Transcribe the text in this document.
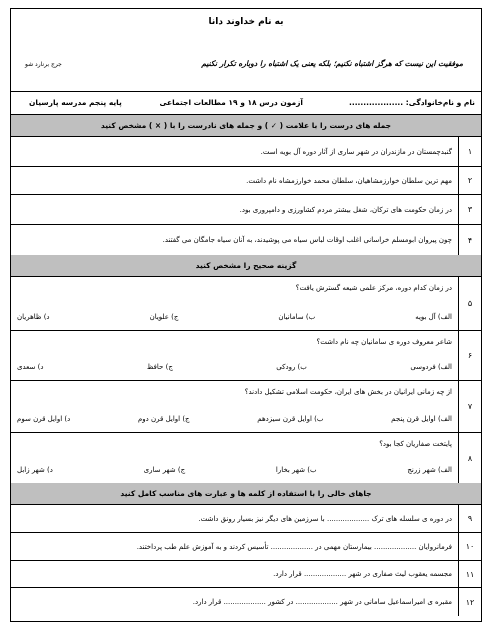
به نام خداوند دانا
موفقیت این نیست که هرگز اشتباه نکنیم؛ بلکه یعنی یک اشتباه را دوباره تکرار نکنیم
جرج برنارد شو
نام و نام‌خانوادگی: ...................
آزمون درس ۱۸ و ۱۹ مطالعات اجتماعی
پایه پنجم مدرسه پارسیان
جمله های درست را با علامت ( ✓ ) و جمله های نادرست را با ( × ) مشخص کنید
۱
گنبدچمستان در مازندران در شهر ساری از آثار دوره آل بویه است.
۲
مهم ترین سلطان خوارزمشاهیان، سلطان محمد خوارزمشاه نام داشت.
۳
در زمان حکومت های ترکان، شغل بیشتر مردم کشاورزی و دامپروری بود.
۴
چون پیروان ابومسلم خراسانی اغلب اوقات لباس سیاه می پوشیدند، به آنان سیاه جامگان می گفتند.
گزینه صحیح را مشخص کنید
۵
در زمان کدام دوره، مرکز علمی شیعه گسترش یافت؟
الف) آل بویه
ب) سامانیان
ج) علویان
د) ظاهریان
۶
شاعر معروف دوره ی سامانیان چه نام داشت؟
الف) فردوسی
ب) رودکی
ج) حافظ
د) سعدی
۷
از چه زمانی ایرانیان در بخش های ایران، حکومت اسلامی تشکیل دادند؟
الف) اوایل قرن پنجم
ب) اوایل قرن سیزدهم
ج) اوایل قرن دوم
د) اوایل قرن سوم
۸
پایتخت صفاریان کجا بود؟
الف) شهر زرنج
ب) شهر بخارا
ج) شهر ساری
د) شهر زابل
جاهای خالی را با استفاده از کلمه ها و عبارت های مناسب کامل کنید
۹
در دوره ی سلسله های ترک ................... با سرزمین های دیگر نیز بسیار رونق داشت.
۱۰
فرمانروایان ................... بیمارستان مهمی در ................... تأسیس کردند و به آموزش علم طب پرداختند.
۱۱
مجسمه یعقوب لیث صفاری در شهر ................... قرار دارد.
۱۲
مقبره ی امیراسماعیل سامانی در شهر ................... در کشور ................... قرار دارد.
